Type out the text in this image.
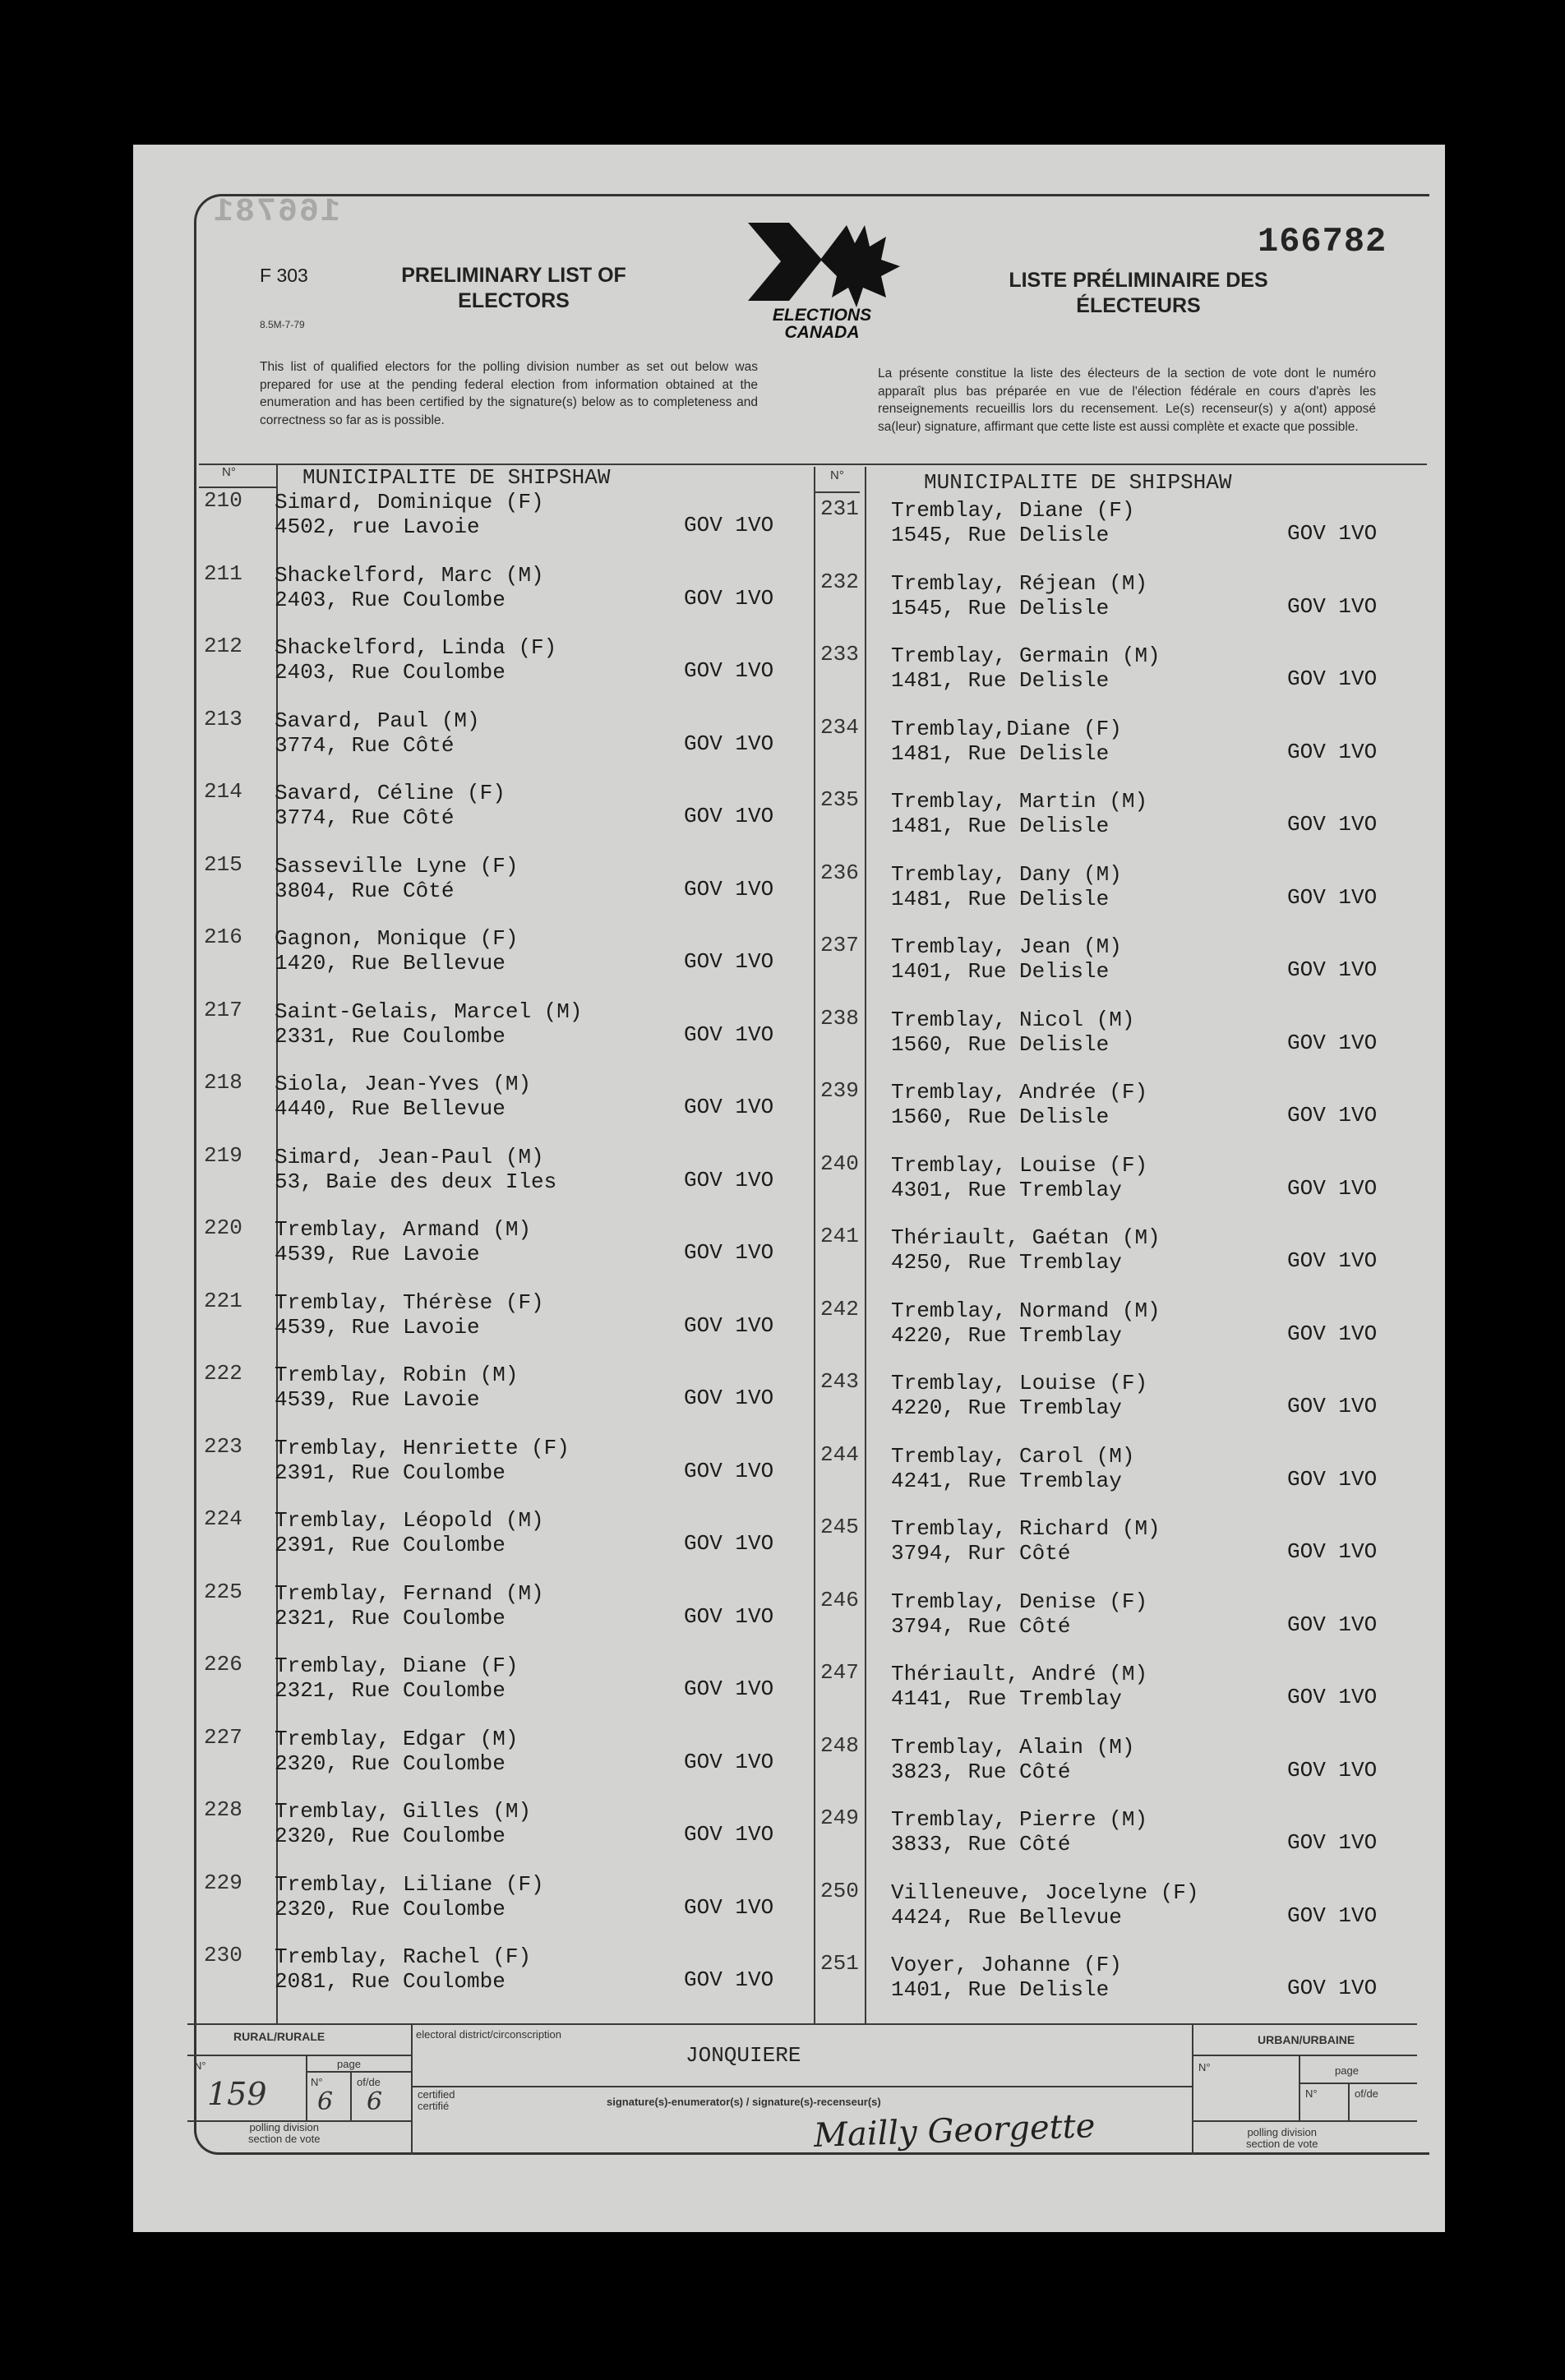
166781
166782
F 303
8.5M-7-79
PRELIMINARY LIST OF
ELECTORS
LISTE PRÉLIMINAIRE DES
ÉLECTEURS
ELECTIONS
CANADA
This list of qualified electors for the polling division number as set out below was prepared for use at the pending federal election from information obtained at the enumeration and has been certified by the signature(s) below as to completeness and correctness so far as is possible.
La présente constitue la liste des électeurs de la section de vote dont le numéro apparaît plus bas préparée en vue de l'élection fédérale en cours d'après les renseignements recueillis lors du recensement. Le(s) recenseur(s) y a(ont) apposé sa(leur) signature, affirmant que cette liste est aussi complète et exacte que possible.
N°	N°
MUNICIPALITE DE SHIPSHAW	MUNICIPALITE DE SHIPSHAW
210 Simard, Dominique (F)
4502, rue Lavoie	GOV 1VO
211 Shackelford, Marc (M)
2403, Rue Coulombe	GOV 1VO
212 Shackelford, Linda (F)
2403, Rue Coulombe	GOV 1VO
213 Savard, Paul (M)
3774, Rue Côté	GOV 1VO
214 Savard, Céline (F)
3774, Rue Côté	GOV 1VO
215 Sasseville Lyne (F)
3804, Rue Côté	GOV 1VO
216 Gagnon, Monique (F)
1420, Rue Bellevue	GOV 1VO
217 Saint-Gelais, Marcel (M)
2331, Rue Coulombe	GOV 1VO
218 Siola, Jean-Yves (M)
4440, Rue Bellevue	GOV 1VO
219 Simard, Jean-Paul (M)
53, Baie des deux Iles	GOV 1VO
220 Tremblay, Armand (M)
4539, Rue Lavoie	GOV 1VO
221 Tremblay, Thérèse (F)
4539, Rue Lavoie	GOV 1VO
222 Tremblay, Robin (M)
4539, Rue Lavoie	GOV 1VO
223 Tremblay, Henriette (F)
2391, Rue Coulombe	GOV 1VO
224 Tremblay, Léopold (M)
2391, Rue Coulombe	GOV 1VO
225 Tremblay, Fernand (M)
2321, Rue Coulombe	GOV 1VO
226 Tremblay, Diane (F)
2321, Rue Coulombe	GOV 1VO
227 Tremblay, Edgar (M)
2320, Rue Coulombe	GOV 1VO
228 Tremblay, Gilles (M)
2320, Rue Coulombe	GOV 1VO
229 Tremblay, Liliane (F)
2320, Rue Coulombe	GOV 1VO
230 Tremblay, Rachel (F)
2081, Rue Coulombe	GOV 1VO
231 Tremblay, Diane (F)
1545, Rue Delisle	GOV 1VO
232 Tremblay, Réjean (M)
1545, Rue Delisle	GOV 1VO
233 Tremblay, Germain (M)
1481, Rue Delisle	GOV 1VO
234 Tremblay,Diane (F)
1481, Rue Delisle	GOV 1VO
235 Tremblay, Martin (M)
1481, Rue Delisle	GOV 1VO
236 Tremblay, Dany (M)
1481, Rue Delisle	GOV 1VO
237 Tremblay, Jean (M)
1401, Rue Delisle	GOV 1VO
238 Tremblay, Nicol (M)
1560, Rue Delisle	GOV 1VO
239 Tremblay, Andrée (F)
1560, Rue Delisle	GOV 1VO
240 Tremblay, Louise (F)
4301, Rue Tremblay	GOV 1VO
241 Thériault, Gaétan (M)
4250, Rue Tremblay	GOV 1VO
242 Tremblay, Normand (M)
4220, Rue Tremblay	GOV 1VO
243 Tremblay, Louise (F)
4220, Rue Tremblay	GOV 1VO
244 Tremblay, Carol (M)
4241, Rue Tremblay	GOV 1VO
245 Tremblay, Richard (M)
3794, Rur Côté	GOV 1VO
246 Tremblay, Denise (F)
3794, Rue Côté	GOV 1VO
247 Thériault, André (M)
4141, Rue Tremblay	GOV 1VO
248 Tremblay, Alain (M)
3823, Rue Côté	GOV 1VO
249 Tremblay, Pierre (M)
3833, Rue Côté	GOV 1VO
250 Villeneuve, Jocelyne (F)
4424, Rue Bellevue	GOV 1VO
251 Voyer, Johanne (F)
1401, Rue Delisle	GOV 1VO
RURAL/RURALE	URBAN/URBAINE
N°	page
N°	of/de
N°	page
N°	of/de
polling division
section de vote
polling division
section de vote
electoral district/circonscription
JONQUIERE
certified
certifié	signature(s)-enumerator(s) / signature(s)-recenseur(s)
159 6 6
Mailly Georgette
